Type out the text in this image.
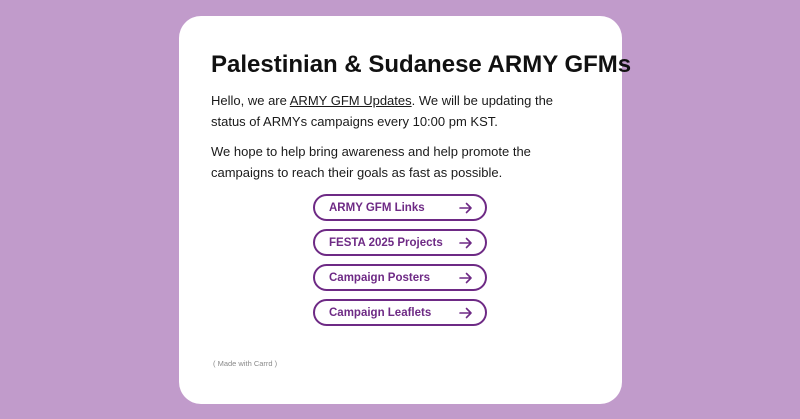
Palestinian & Sudanese ARMY GFMs

Hello, we are ARMY GFM Updates. We will be updating the status of ARMYs campaigns every 10:00 pm KST.

We hope to help bring awareness and help promote the campaigns to reach their goals as fast as possible.

ARMY GFM Links
FESTA 2025 Projects
Campaign Posters
Campaign Leaflets
( Made with Carrd )
